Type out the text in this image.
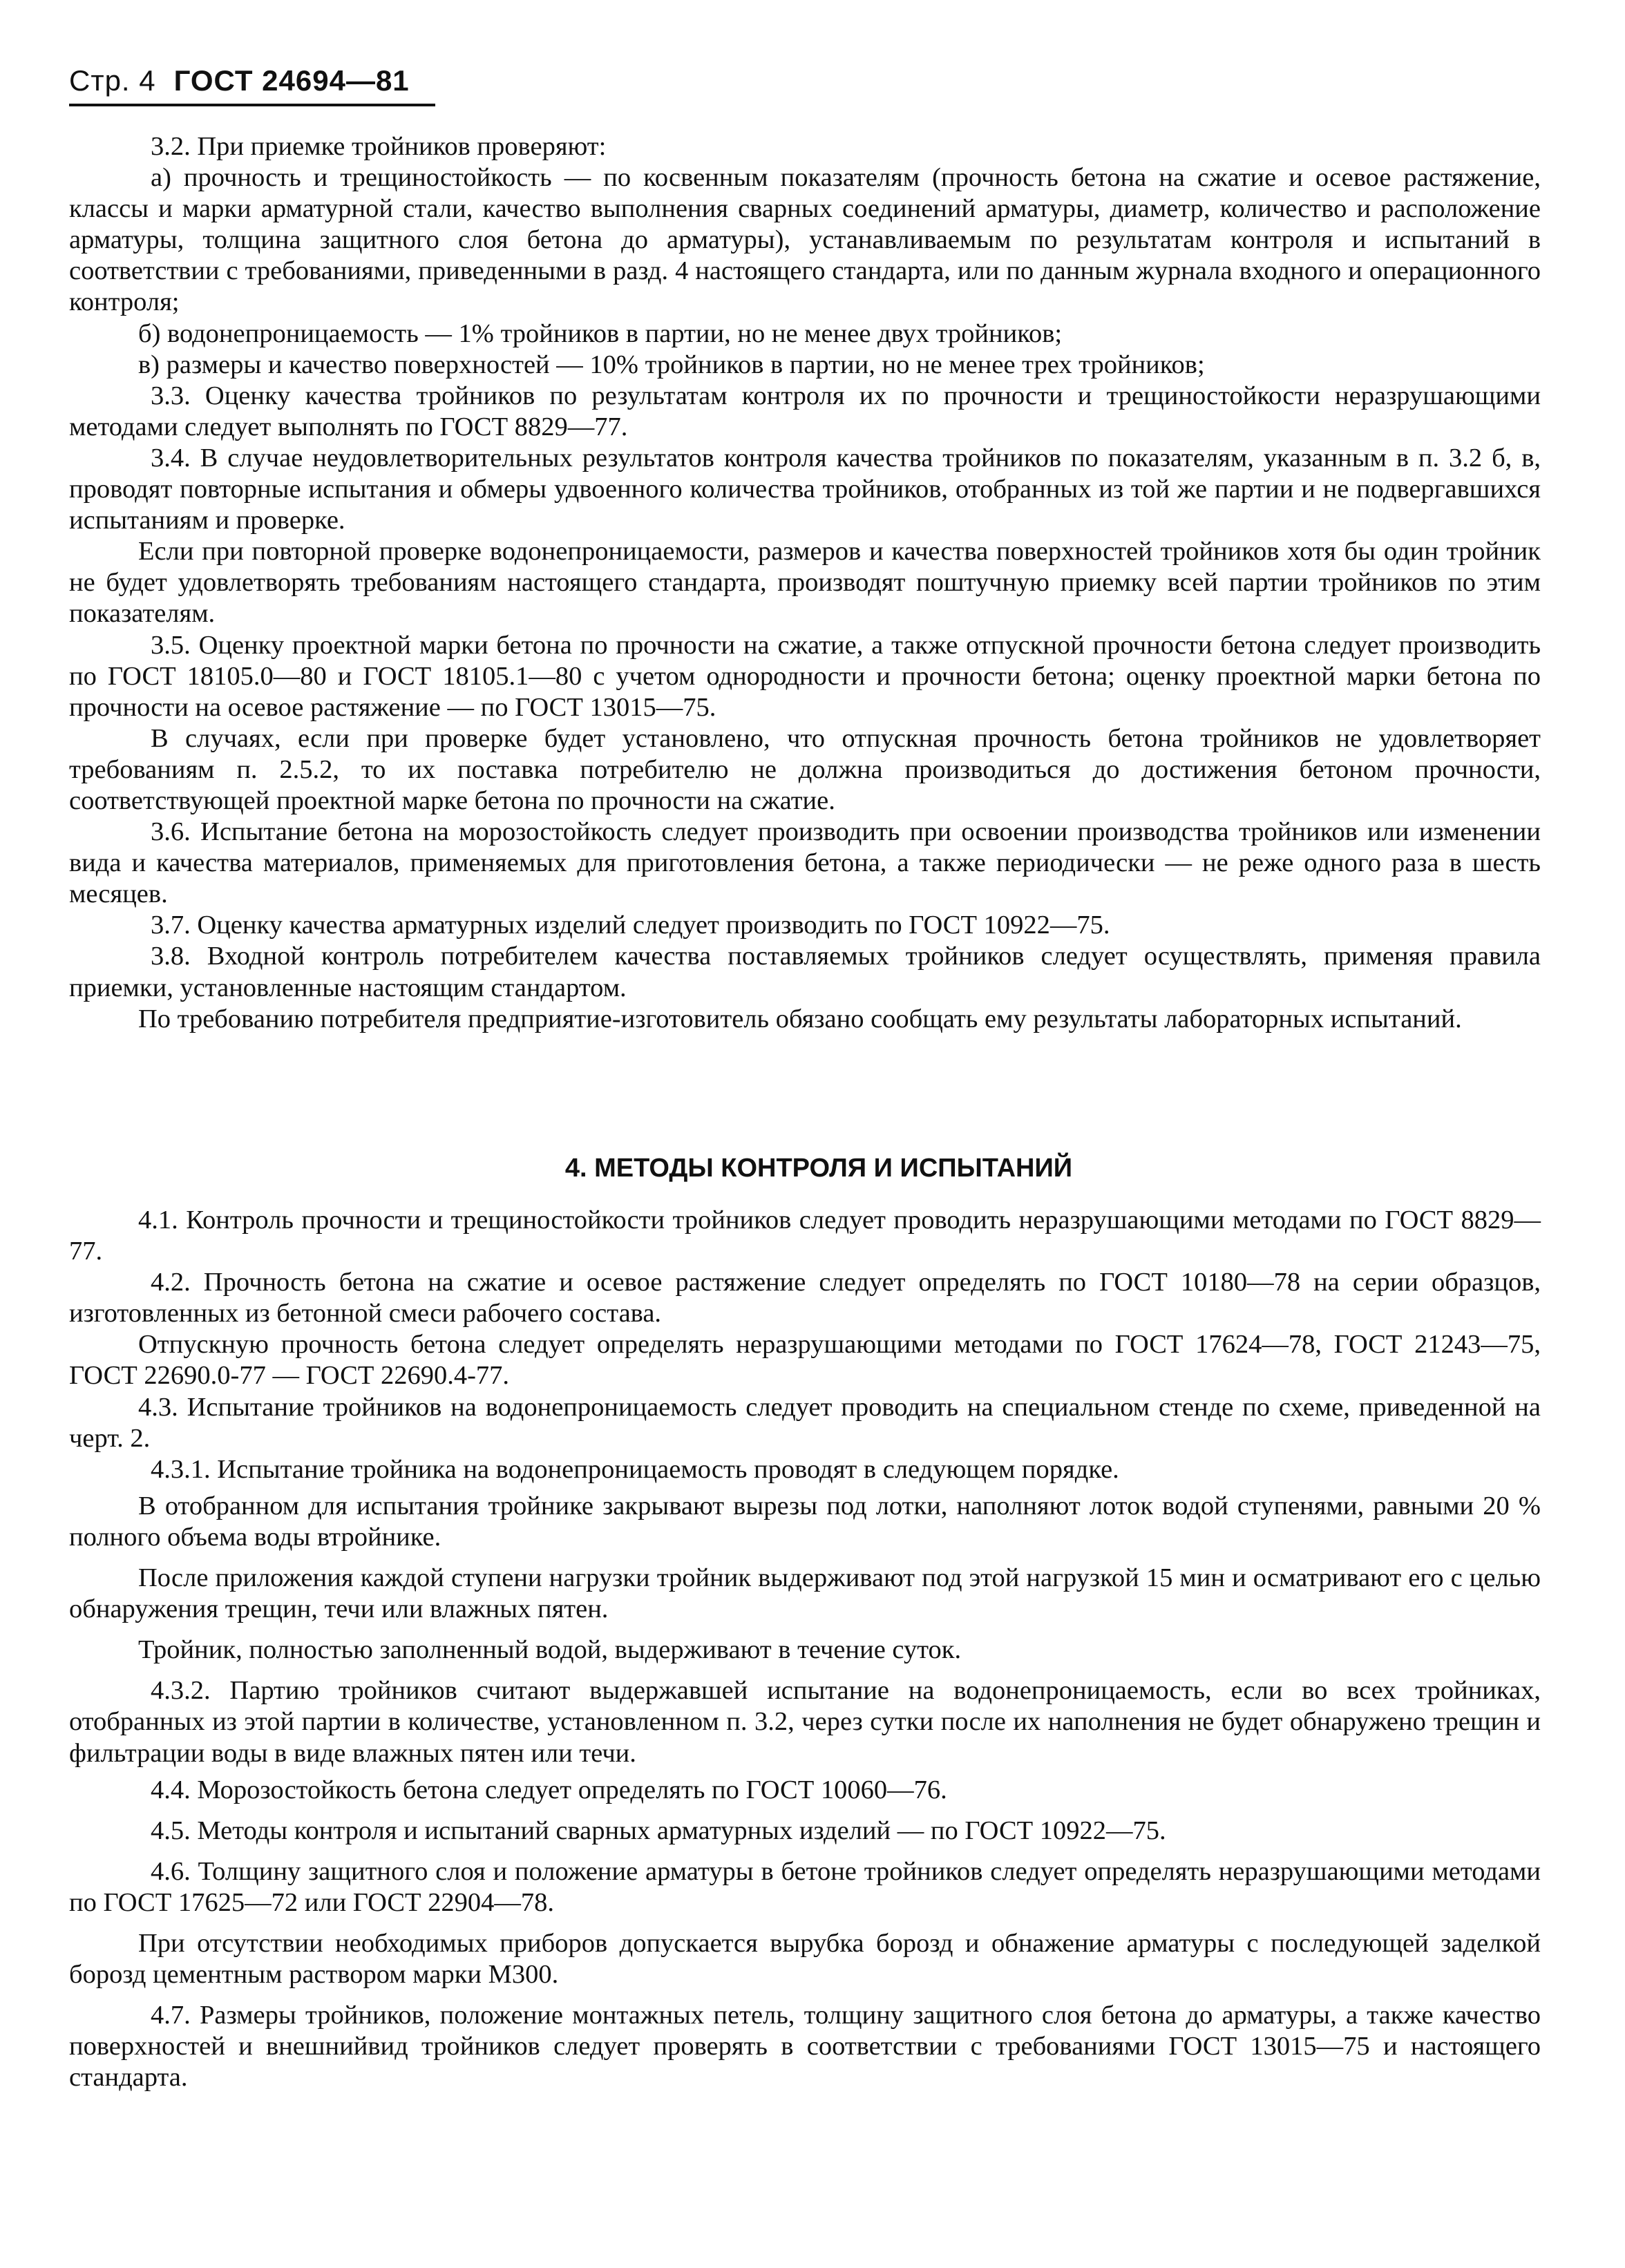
Стр. 4 ГОСТ 24694—81

3.2. При приемке тройников проверяют:

а) прочность и трещиностойкость — по косвенным показателям (прочность бетона на сжатие и осевое растяжение, классы и марки арматурной стали, качество выполнения сварных соединений арматуры, диаметр, количество и расположение арматуры, толщина защитного слоя бетона до арматуры), устанавливаемым по результатам контроля и испытаний в соответствии с требованиями, приведенными в разд. 4 настоящего стандарта, или по данным журнала входного и операционного контроля;

б) водонепроницаемость — 1% тройников в партии, но не менее двух тройников;

в) размеры и качество поверхностей — 10% тройников в партии, но не менее трех тройников;

3.3. Оценку качества тройников по результатам контроля их по прочности и трещиностойкости неразрушающими методами следует выполнять по ГОСТ 8829—77.

3.4. В случае неудовлетворительных результатов контроля качества тройников по показателям, указанным в п. 3.2 б, в, проводят повторные испытания и обмеры удвоенного количества тройников, отобранных из той же партии и не подвергавшихся испытаниям и проверке.

Если при повторной проверке водонепроницаемости, размеров и качества поверхностей тройников хотя бы один тройник не будет удовлетворять требованиям настоящего стандарта, производят поштучную приемку всей партии тройников по этим показателям.

3.5. Оценку проектной марки бетона по прочности на сжатие, а также отпускной прочности бетона следует производить по ГОСТ 18105.0—80 и ГОСТ 18105.1—80 с учетом однородности и прочности бетона; оценку проектной марки бетона по прочности на осевое растяжение — по ГОСТ 13015—75.

В случаях, если при проверке будет установлено, что отпускная прочность бетона тройников не удовлетворяет требованиям п. 2.5.2, то их поставка потребителю не должна производиться до достижения бетоном прочности, соответствующей проектной марке бетона по прочности на сжатие.

3.6. Испытание бетона на морозостойкость следует производить при освоении производства тройников или изменении вида и качества материалов, применяемых для приготовления бетона, а также периодически — не реже одного раза в шесть месяцев.

3.7. Оценку качества арматурных изделий следует производить по ГОСТ 10922—75.

3.8. Входной контроль потребителем качества поставляемых тройников следует осуществлять, применяя правила приемки, установленные настоящим стандартом.

По требованию потребителя предприятие-изготовитель обязано сообщать ему результаты лабораторных испытаний.

4. МЕТОДЫ КОНТРОЛЯ И ИСПЫТАНИЙ

4.1. Контроль прочности и трещиностойкости тройников следует проводить неразрушающими методами по ГОСТ 8829—77.

4.2. Прочность бетона на сжатие и осевое растяжение следует определять по ГОСТ 10180—78 на серии образцов, изготовленных из бетонной смеси рабочего состава.

Отпускную прочность бетона следует определять неразрушающими методами по ГОСТ 17624—78, ГОСТ 21243—75, ГОСТ 22690.0-77 — ГОСТ 22690.4-77.

4.3. Испытание тройников на водонепроницаемость следует проводить на специальном стенде по схеме, приведенной на черт. 2.

4.3.1. Испытание тройника на водонепроницаемость проводят в следующем порядке.

В отобранном для испытания тройнике закрывают вырезы под лотки, наполняют лоток водой ступенями, равными 20 % полного объема воды втройнике.

После приложения каждой ступени нагрузки тройник выдерживают под этой нагрузкой 15 мин и осматривают его с целью обнаружения трещин, течи или влажных пятен.

Тройник, полностью заполненный водой, выдерживают в течение суток.

4.3.2. Партию тройников считают выдержавшей испытание на водонепроницаемость, если во всех тройниках, отобранных из этой партии в количестве, установленном п. 3.2, через сутки после их наполнения не будет обнаружено трещин и фильтрации воды в виде влажных пятен или течи.

4.4. Морозостойкость бетона следует определять по ГОСТ 10060—76.

4.5. Методы контроля и испытаний сварных арматурных изделий — по ГОСТ 10922—75.

4.6. Толщину защитного слоя и положение арматуры в бетоне тройников следует определять неразрушающими методами по ГОСТ 17625—72 или ГОСТ 22904—78.

При отсутствии необходимых приборов допускается вырубка борозд и обнажение арматуры с последующей заделкой борозд цементным раствором марки М300.

4.7. Размеры тройников, положение монтажных петель, толщину защитного слоя бетона до арматуры, а также качество поверхностей и внешнийвид тройников следует проверять в соответствии с требованиями ГОСТ 13015—75 и настоящего стандарта.
